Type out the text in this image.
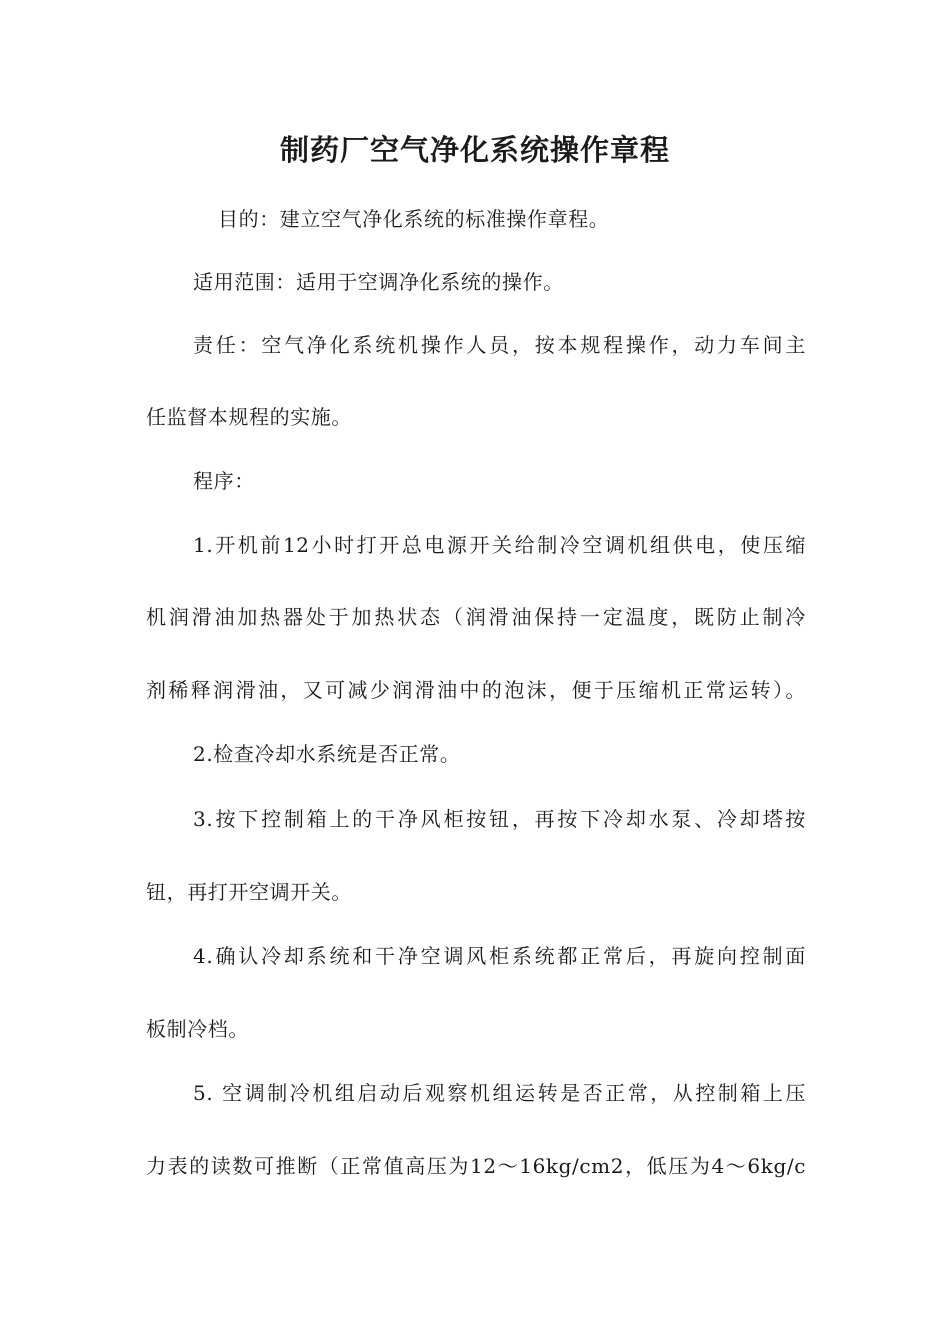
制药厂空气净化系统操作章程

目的：建立空气净化系统的标准操作章程。

适用范围：适用于空调净化系统的操作。

责任：空气净化系统机操作人员，按本规程操作，动力车间主

任监督本规程的实施。

程序：

1.开机前12小时打开总电源开关给制冷空调机组供电，使压缩

机润滑油加热器处于加热状态（润滑油保持一定温度，既防止制冷

剂稀释润滑油，又可减少润滑油中的泡沫，便于压缩机正常运转）。

2.检查冷却水系统是否正常。

3.按下控制箱上的干净风柜按钮，再按下冷却水泵、冷却塔按

钮，再打开空调开关。

4.确认冷却系统和干净空调风柜系统都正常后，再旋向控制面

板制冷档。

5. 空调制冷机组启动后观察机组运转是否正常，从控制箱上压

力表的读数可推断（正常值高压为12～16kg/cm2，低压为4～6kg/c
